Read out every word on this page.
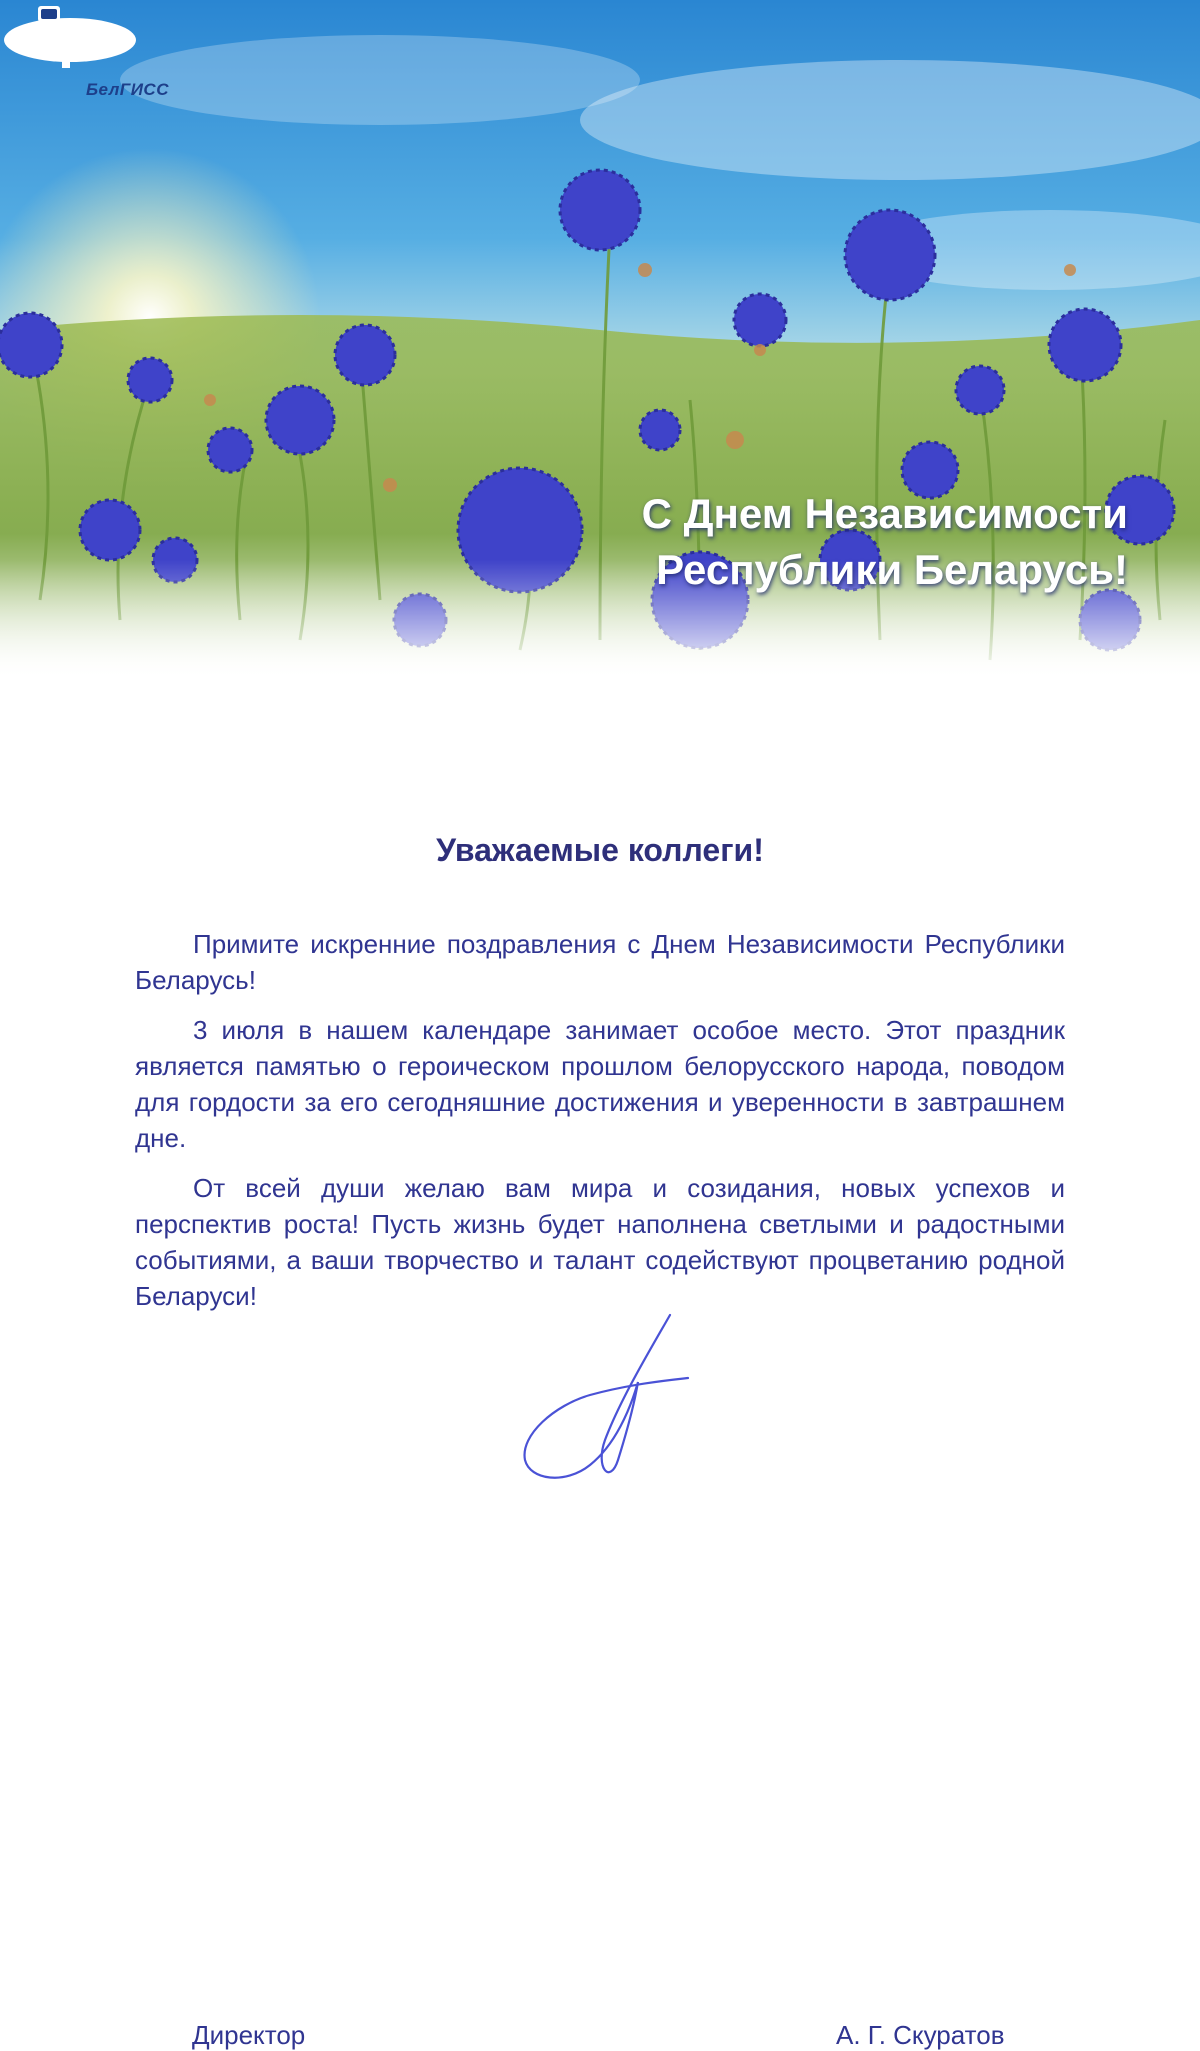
БелГИСС
С Днем Независимости
Республики Беларусь!
Уважаемые коллеги!

Примите искренние поздравления с Днем Независимости Республики Беларусь!

3 июля в нашем календаре занимает особое место. Этот праздник является памятью о героическом прошлом белорусского народа, поводом для гордости за его сегодняшние достижения и уверенности в завтрашнем дне.

От всей души желаю вам мира и созидания, новых успехов и перспектив роста! Пусть жизнь будет наполнена светлыми и радостными событиями, а ваши творчество и талант содействуют процветанию родной Беларуси!

Директор	А. Г. Скуратов
